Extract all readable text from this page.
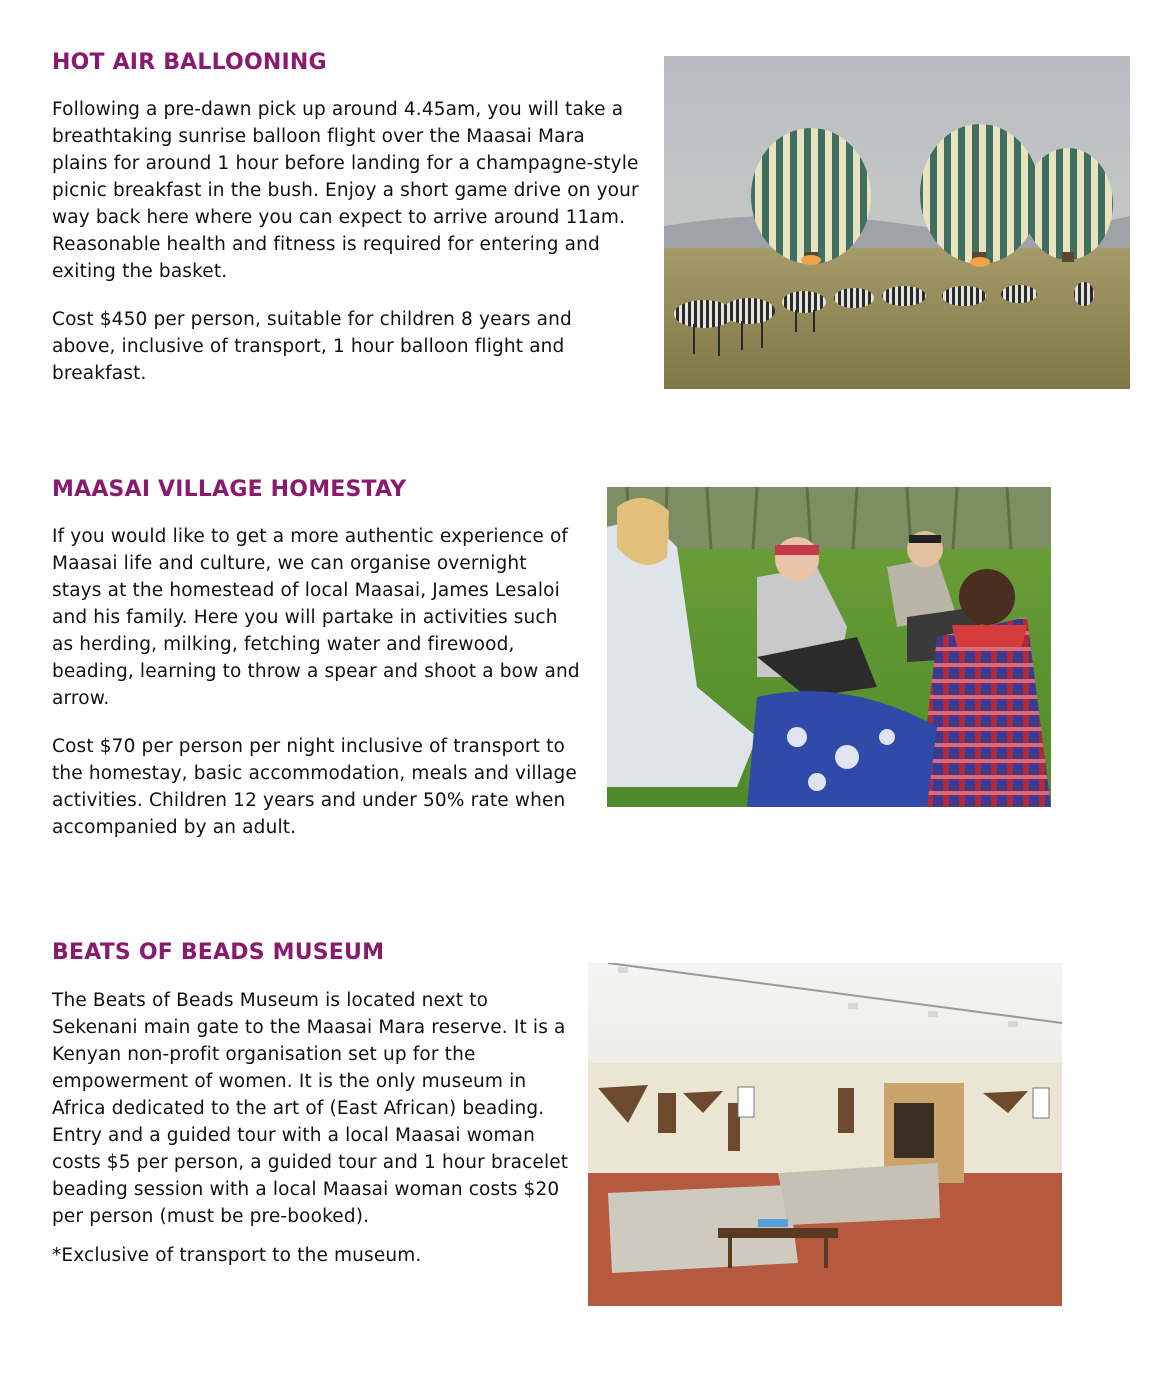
HOT AIR BALLOONING

Following a pre-dawn pick up around 4.45am, you will take a breathtaking sunrise balloon flight over the Maasai Mara plains for around 1 hour before landing for a champagne-style picnic breakfast in the bush. Enjoy a short game drive on your way back here where you can expect to arrive around 11am. Reasonable health and fitness is required for entering and exiting the basket.

Cost $450 per person, suitable for children 8 years and above, inclusive of transport, 1 hour balloon flight and breakfast.

MAASAI VILLAGE HOMESTAY

If you would like to get a more authentic experience of Maasai life and culture, we can organise overnight stays at the homestead of local Maasai, James Lesaloi and his family. Here you will partake in activities such as herding, milking, fetching water and firewood, beading, learning to throw a spear and shoot a bow and arrow.

Cost $70 per person per night inclusive of transport to the homestay, basic accommodation, meals and village activities. Children 12 years and under 50% rate when accompanied by an adult.

BEATS OF BEADS MUSEUM

The Beats of Beads Museum is located next to Sekenani main gate to the Maasai Mara reserve. It is a Kenyan non-profit organisation set up for the empowerment of women. It is the only museum in Africa dedicated to the art of (East African) beading. Entry and a guided tour with a local Maasai woman costs $5 per person, a guided tour and 1 hour bracelet beading session with a local Maasai woman costs $20 per person (must be pre-booked).

*Exclusive of transport to the museum.
